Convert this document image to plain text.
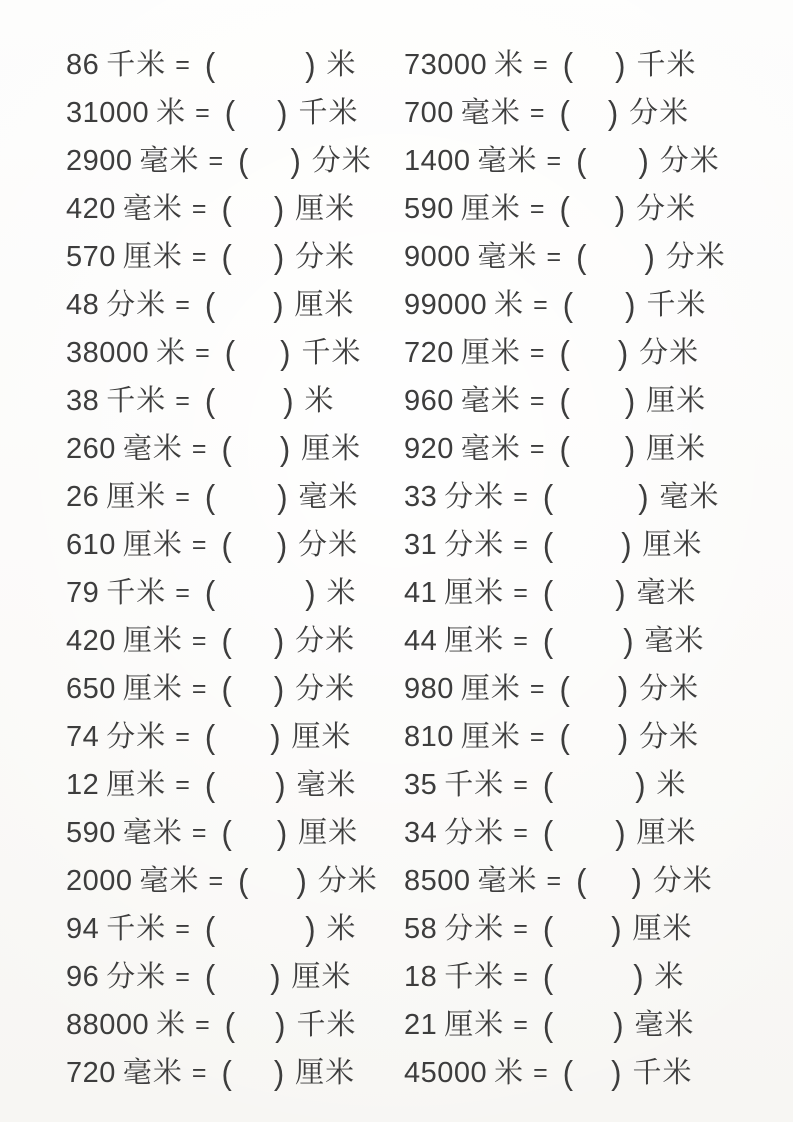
86 千米 = (	) 米 73000 米 = ( ) 千米
31000 米 = ( ) 千米 700 毫米 = ( ) 分米
2900 毫米 = ( ) 分米 1400 毫米 = ( ) 分米
420 毫米 = ( ) 厘米 590 厘米 = ( ) 分米
570 厘米 = ( ) 分米 9000 毫米 = ( ) 分米
48 分米 = ( ) 厘米 99000 米 = ( ) 千米
38000 米 = ( ) 千米 720 厘米 = ( ) 分米
38 千米 = ( ) 米 960 毫米 = ( ) 厘米
260 毫米 = ( ) 厘米 920 毫米 = ( ) 厘米
26 厘米 = ( ) 毫米 33 分米 = (	) 毫米
610 厘米 = ( ) 分米 31 分米 = ( ) 厘米
79 千米 = (	) 米 41 厘米 = ( ) 毫米
420 厘米 = ( ) 分米 44 厘米 = ( ) 毫米
650 厘米 = ( ) 分米 980 厘米 = ( ) 分米
74 分米 = ( ) 厘米 810 厘米 = ( ) 分米
12 厘米 = ( ) 毫米 35 千米 = (	) 米
590 毫米 = ( ) 厘米 34 分米 = ( ) 厘米
2000 毫米 = ( ) 分米 8500 毫米 = ( ) 分米
94 千米 = (	) 米 58 分米 = ( ) 厘米
96 分米 = ( ) 厘米 18 千米 = (	) 米
88000 米 = ( ) 千米 21 厘米 = ( ) 毫米
720 毫米 = ( ) 厘米 45000 米 = ( ) 千米
